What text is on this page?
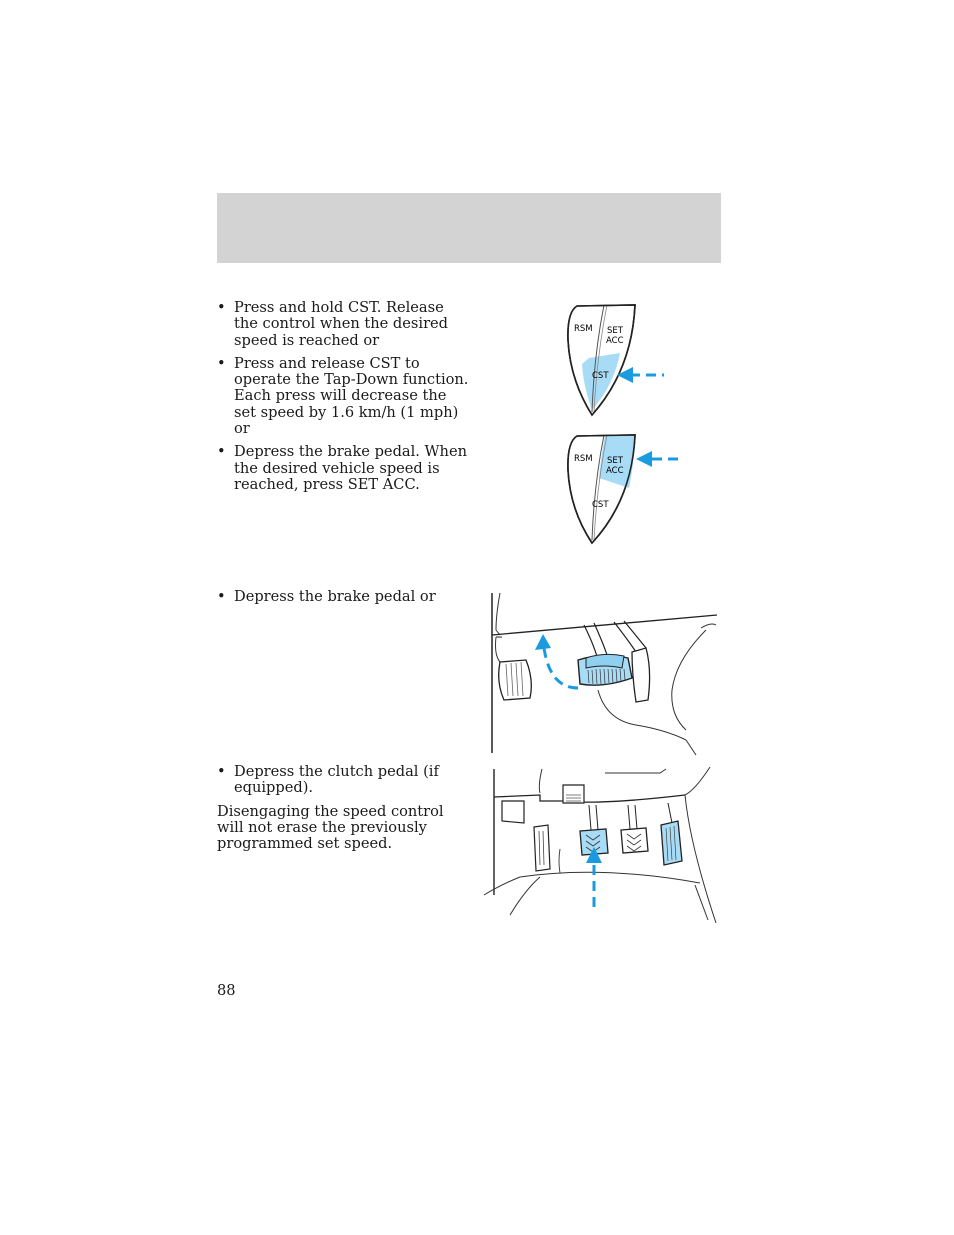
• Press and hold CST. Release the control when the desired speed is reached or
• Press and release CST to operate the Tap-Down function. Each press will decrease the set speed by 1.6 km/h (1 mph) or
• Depress the brake pedal. When the desired vehicle speed is reached, press SET ACC.
RSM SET
ACC
CST
RSM SET
ACC
CST
• Depress the brake pedal or
• Depress the clutch pedal (if equipped).

Disengaging the speed control will not erase the previously programmed set speed.

88
